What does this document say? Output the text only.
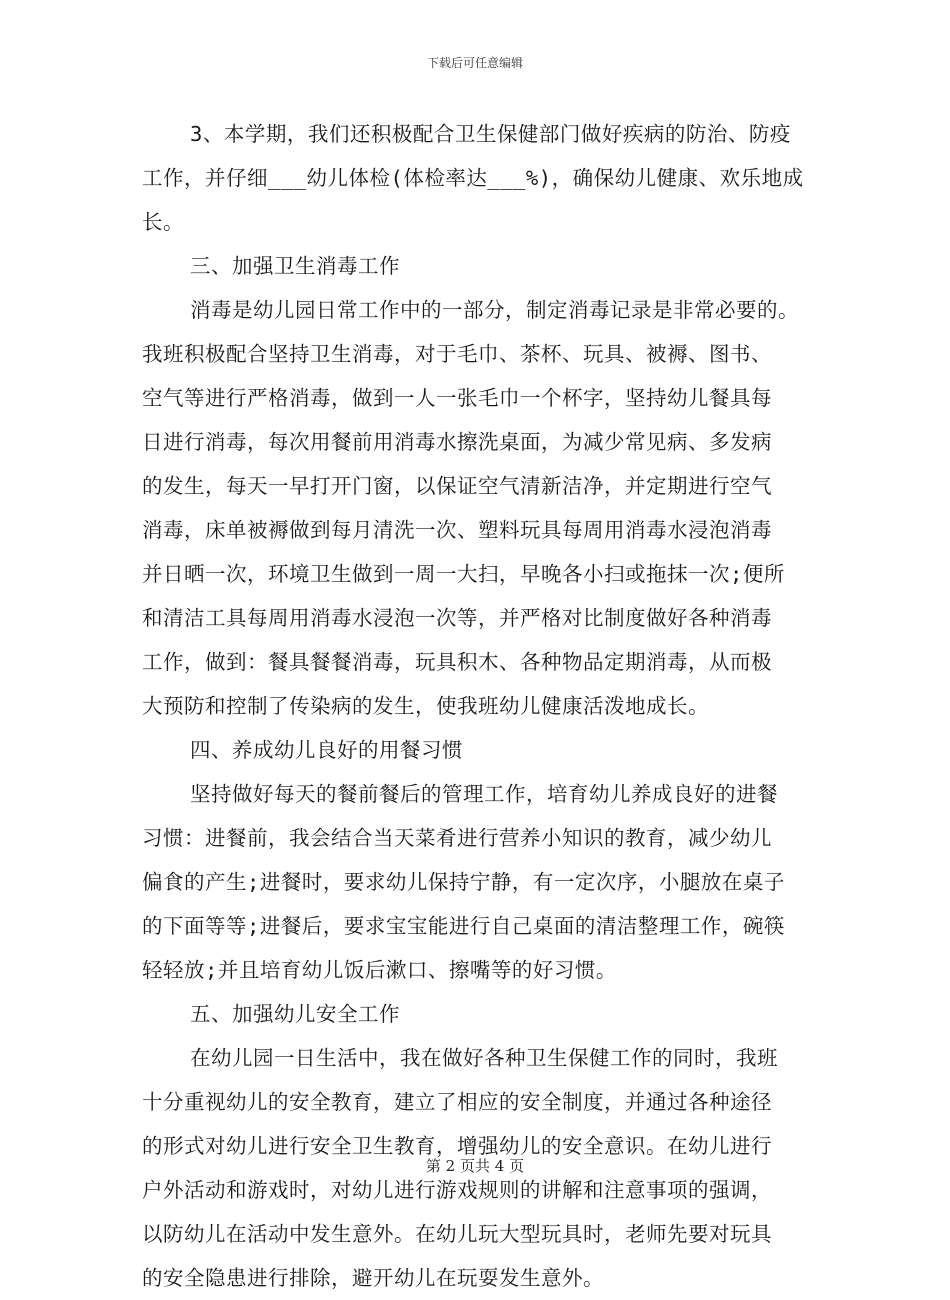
下载后可任意编辑
3、本学期，我们还积极配合卫生保健部门做好疾病的防治、防疫
工作，并仔细___幼儿体检(体检率达___%)，确保幼儿健康、欢乐地成
长。
三、加强卫生消毒工作
消毒是幼儿园日常工作中的一部分，制定消毒记录是非常必要的。
我班积极配合坚持卫生消毒，对于毛巾、茶杯、玩具、被褥、图书、
空气等进行严格消毒，做到一人一张毛巾一个杯字，坚持幼儿餐具每
日进行消毒，每次用餐前用消毒水擦洗桌面，为减少常见病、多发病
的发生，每天一早打开门窗，以保证空气清新洁净，并定期进行空气
消毒，床单被褥做到每月清洗一次、塑料玩具每周用消毒水浸泡消毒
并日晒一次，环境卫生做到一周一大扫，早晚各小扫或拖抹一次;便所
和清洁工具每周用消毒水浸泡一次等，并严格对比制度做好各种消毒
工作，做到：餐具餐餐消毒，玩具积木、各种物品定期消毒，从而极
大预防和控制了传染病的发生，使我班幼儿健康活泼地成长。
四、养成幼儿良好的用餐习惯
坚持做好每天的餐前餐后的管理工作，培育幼儿养成良好的进餐
习惯：进餐前，我会结合当天菜肴进行营养小知识的教育，减少幼儿
偏食的产生;进餐时，要求幼儿保持宁静，有一定次序，小腿放在桌子
的下面等等;进餐后，要求宝宝能进行自己桌面的清洁整理工作，碗筷
轻轻放;并且培育幼儿饭后漱口、擦嘴等的好习惯。
五、加强幼儿安全工作
在幼儿园一日生活中，我在做好各种卫生保健工作的同时，我班
十分重视幼儿的安全教育，建立了相应的安全制度，并通过各种途径
的形式对幼儿进行安全卫生教育，增强幼儿的安全意识。在幼儿进行
户外活动和游戏时，对幼儿进行游戏规则的讲解和注意事项的强调，
以防幼儿在活动中发生意外。在幼儿玩大型玩具时，老师先要对玩具
的安全隐患进行排除，避开幼儿在玩耍发生意外。
第 2 页共 4 页
